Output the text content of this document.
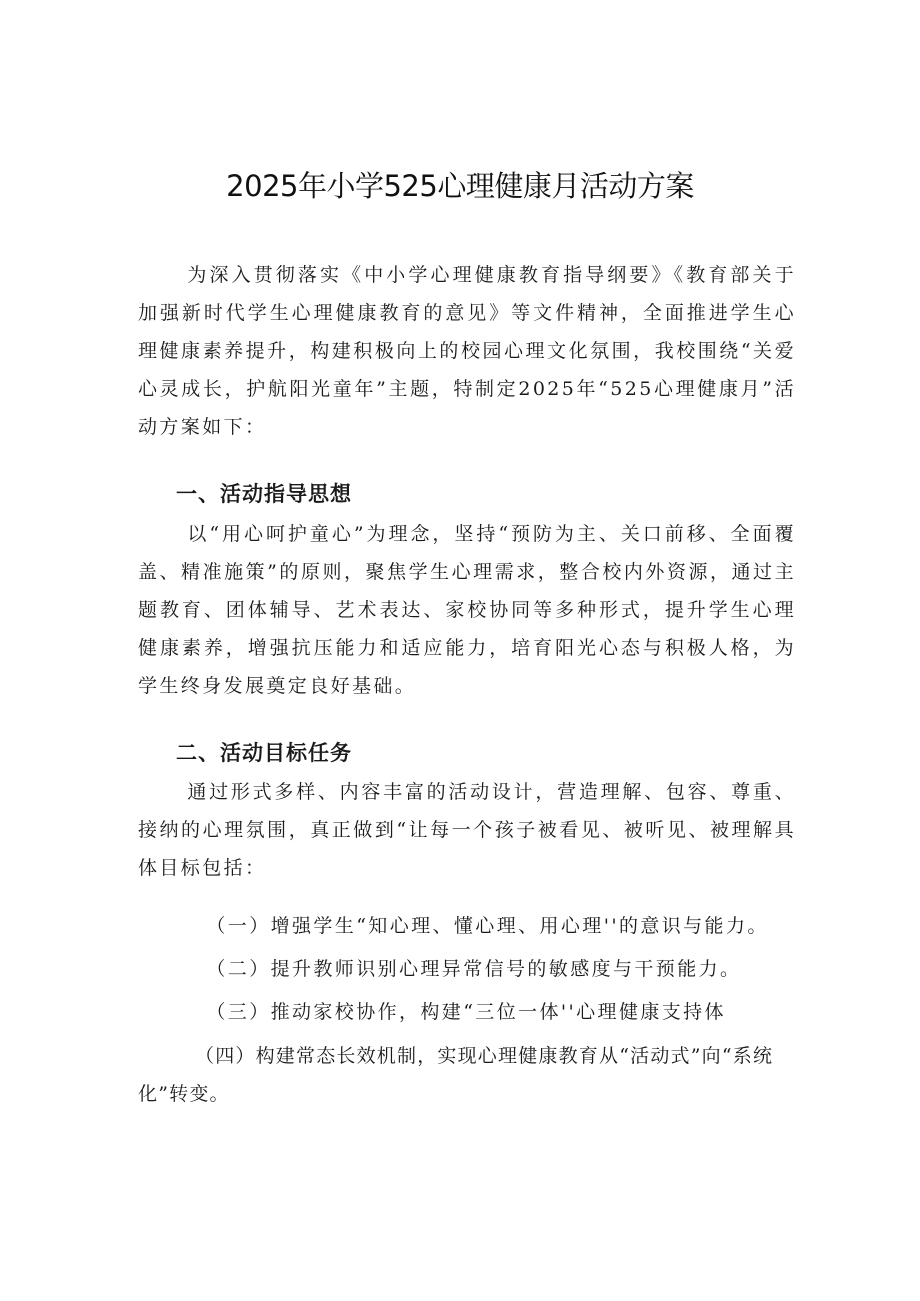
2025年小学525心理健康月活动方案

为深入贯彻落实《中小学心理健康教育指导纲要》《教育部关于加强新时代学生心理健康教育的意见》等文件精神，全面推进学生心理健康素养提升，构建积极向上的校园心理文化氛围，我校围绕“关爱心灵成长，护航阳光童年”主题，特制定2025年“525心理健康月”活动方案如下：

一、活动指导思想

以“用心呵护童心”为理念，坚持“预防为主、关口前移、全面覆盖、精准施策”的原则，聚焦学生心理需求，整合校内外资源，通过主题教育、团体辅导、艺术表达、家校协同等多种形式，提升学生心理健康素养，增强抗压能力和适应能力，培育阳光心态与积极人格，为学生终身发展奠定良好基础。

二、活动目标任务

通过形式多样、内容丰富的活动设计，营造理解、包容、尊重、接纳的心理氛围，真正做到“让每一个孩子被看见、被听见、被理解具体目标包括：

（一）增强学生“知心理、懂心理、用心理''的意识与能力。

（二）提升教师识别心理异常信号的敏感度与干预能力。

（三）推动家校协作，构建“三位一体''心理健康支持体

（四）构建常态长效机制，实现心理健康教育从“活动式”向“系统化”转变。
